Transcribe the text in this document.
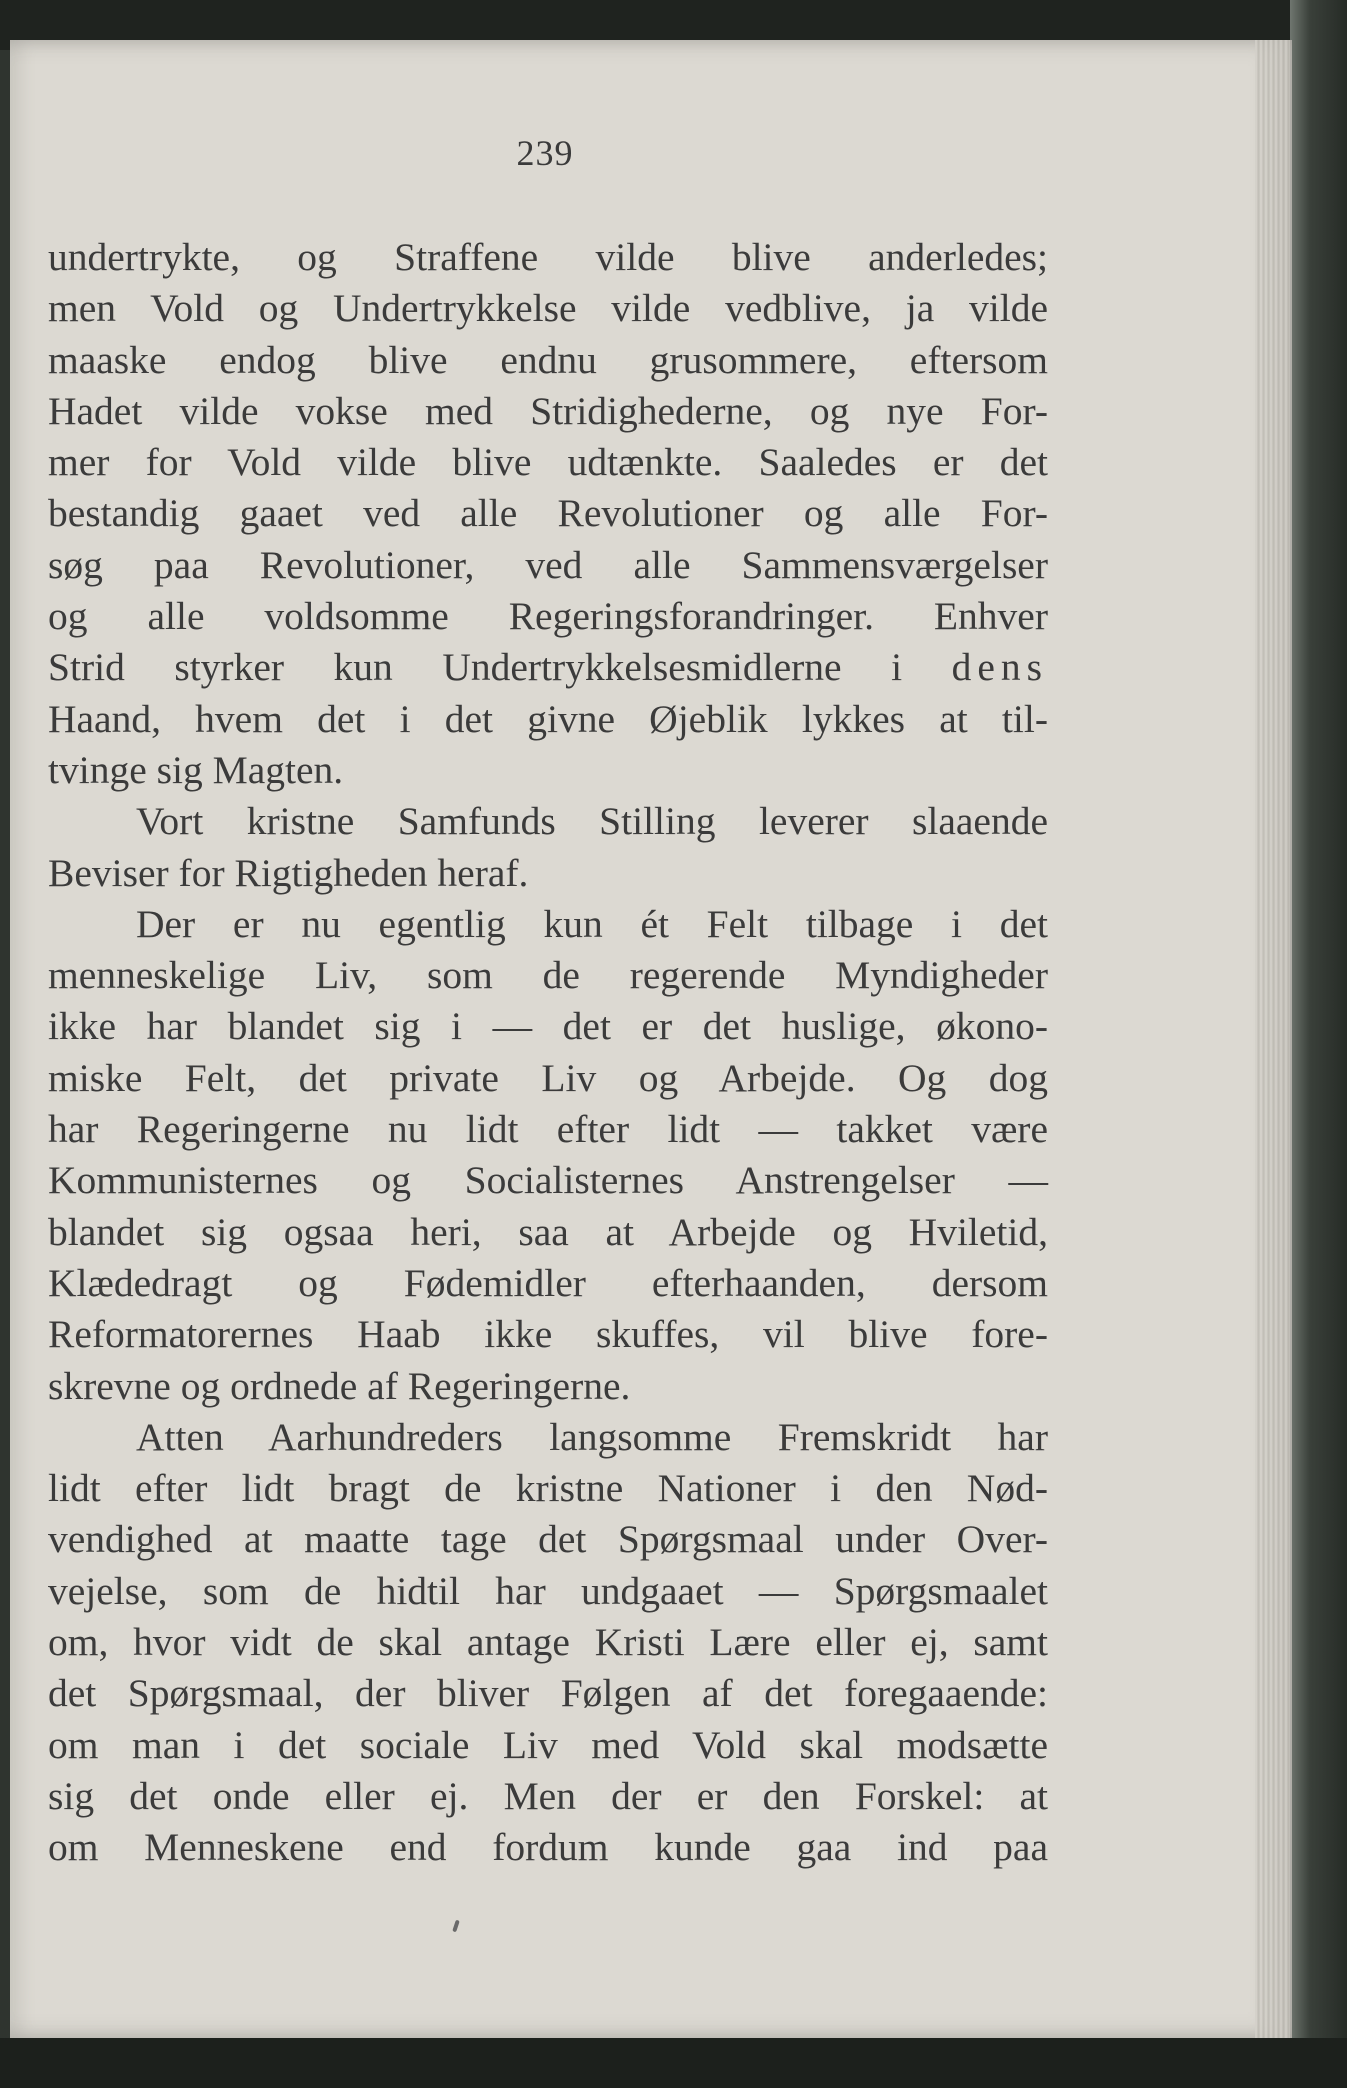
239
undertrykte, og Straffene vilde blive anderledes;
men Vold og Undertrykkelse vilde vedblive, ja vilde
maaske endog blive endnu grusommere, eftersom
Hadet vilde vokse med Stridighederne, og nye For-
mer for Vold vilde blive udtænkte. Saaledes er det
bestandig gaaet ved alle Revolutioner og alle For-
søg paa Revolutioner, ved alle Sammensværgelser
og alle voldsomme Regeringsforandringer. Enhver
Strid styrker kun Undertrykkelsesmidlerne i dens
Haand, hvem det i det givne Øjeblik lykkes at til-
tvinge sig Magten.
Vort kristne Samfunds Stilling leverer slaaende
Beviser for Rigtigheden heraf.
Der er nu egentlig kun ét Felt tilbage i det
menneskelige Liv, som de regerende Myndigheder
ikke har blandet sig i — det er det huslige, økono-
miske Felt, det private Liv og Arbejde. Og dog
har Regeringerne nu lidt efter lidt — takket være
Kommunisternes og Socialisternes Anstrengelser —
blandet sig ogsaa heri, saa at Arbejde og Hviletid,
Klædedragt og Fødemidler efterhaanden, dersom
Reformatorernes Haab ikke skuffes, vil blive fore-
skrevne og ordnede af Regeringerne.
Atten Aarhundreders langsomme Fremskridt har
lidt efter lidt bragt de kristne Nationer i den Nød-
vendighed at maatte tage det Spørgsmaal under Over-
vejelse, som de hidtil har undgaaet — Spørgsmaalet
om, hvor vidt de skal antage Kristi Lære eller ej, samt
det Spørgsmaal, der bliver Følgen af det foregaaende:
om man i det sociale Liv med Vold skal modsætte
sig det onde eller ej. Men der er den Forskel: at
om Menneskene end fordum kunde gaa ind paa
